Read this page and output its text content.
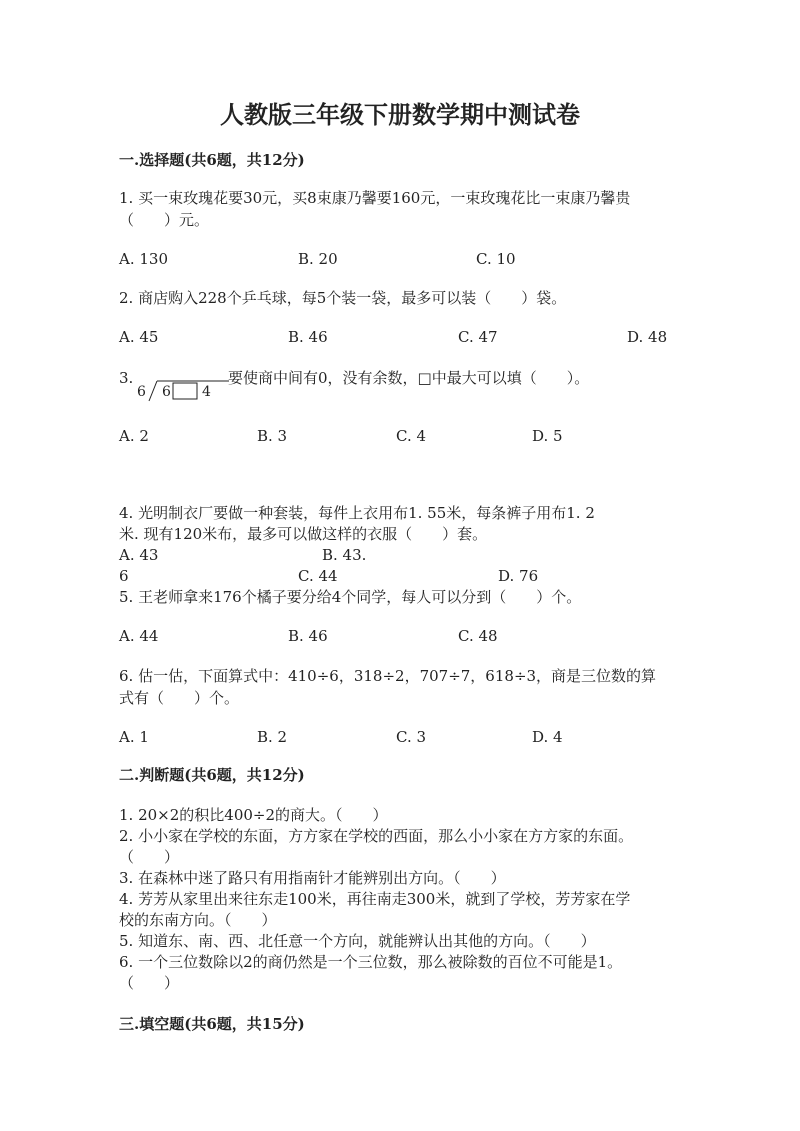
人教版三年级下册数学期中测试卷
一.选择题(共6题，共12分)
1. 买一束玫瑰花要30元，买8束康乃馨要160元，一束玫瑰花比一束康乃馨贵
（　　）元。
A. 130	B. 20	C. 10
2. 商店购入228个乒乓球，每5个装一袋，最多可以装（　　）袋。
A. 45	B. 46	C. 47	D. 48
3.
6 6 4
要使商中间有0，没有余数，□中最大可以填（　　）。
A. 2	B. 3	C. 4	D. 5
4. 光明制衣厂要做一种套装，每件上衣用布1. 55米，每条裤子用布1. 2
米. 现有120米布，最多可以做这样的衣服（　　）套。
A. 43	B. 43.
6	C. 44	D. 76
5. 王老师拿来176个橘子要分给4个同学，每人可以分到（　　）个。
A. 44	B. 46	C. 48
6. 估一估，下面算式中：410÷6，318÷2，707÷7，618÷3，商是三位数的算
式有（　　）个。
A. 1	B. 2	C. 3	D. 4
二.判断题(共6题，共12分)
1. 20×2的积比400÷2的商大。（　　）
2. 小小家在学校的东面，方方家在学校的西面，那么小小家在方方家的东面。
（　　）
3. 在森林中迷了路只有用指南针才能辨别出方向。（　　）
4. 芳芳从家里出来往东走100米，再往南走300米，就到了学校，芳芳家在学
校的东南方向。（　　）
5. 知道东、南、西、北任意一个方向，就能辨认出其他的方向。（　　）
6. 一个三位数除以2的商仍然是一个三位数，那么被除数的百位不可能是1。
（　　）
三.填空题(共6题，共15分)
